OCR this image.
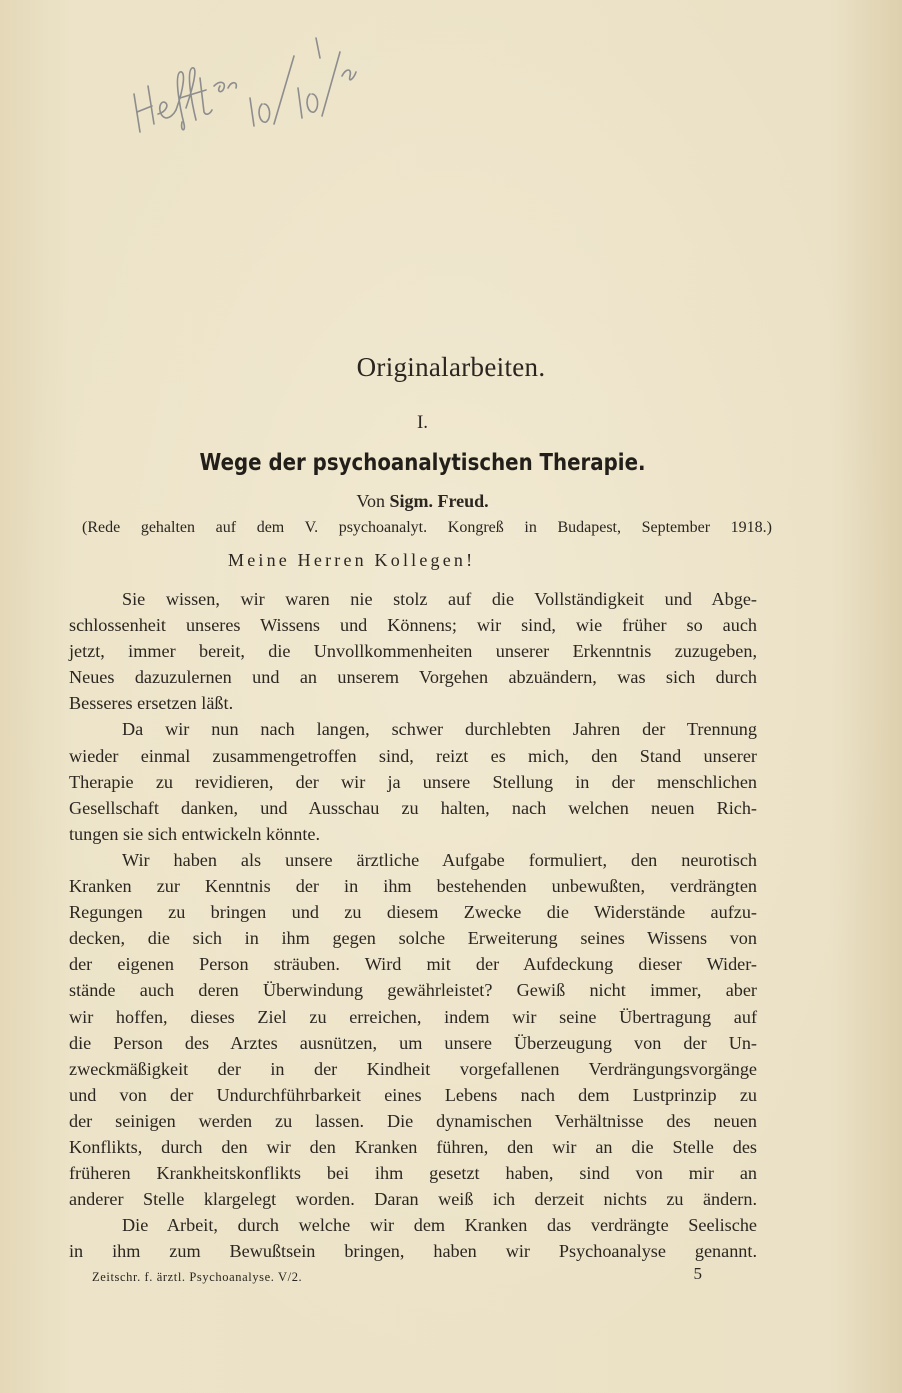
Originalarbeiten.
I.
Wege der psychoanalytischen Therapie.
Von Sigm. Freud.
(Rede gehalten auf dem V. psychoanalyt. Kongreß in Budapest, September 1918.)
Meine Herren Kollegen!
Sie wissen, wir waren nie stolz auf die Vollständigkeit und Abge-
schlossenheit unseres Wissens und Könnens; wir sind, wie früher so auch
jetzt, immer bereit, die Unvollkommenheiten unserer Erkenntnis zuzugeben,
Neues dazuzulernen und an unserem Vorgehen abzuändern, was sich durch
Besseres ersetzen läßt.
Da wir nun nach langen, schwer durchlebten Jahren der Trennung
wieder einmal zusammengetroffen sind, reizt es mich, den Stand unserer
Therapie zu revidieren, der wir ja unsere Stellung in der menschlichen
Gesellschaft danken, und Ausschau zu halten, nach welchen neuen Rich-
tungen sie sich entwickeln könnte.
Wir haben als unsere ärztliche Aufgabe formuliert, den neurotisch
Kranken zur Kenntnis der in ihm bestehenden unbewußten, verdrängten
Regungen zu bringen und zu diesem Zwecke die Widerstände aufzu-
decken, die sich in ihm gegen solche Erweiterung seines Wissens von
der eigenen Person sträuben. Wird mit der Aufdeckung dieser Wider-
stände auch deren Überwindung gewährleistet? Gewiß nicht immer, aber
wir hoffen, dieses Ziel zu erreichen, indem wir seine Übertragung auf
die Person des Arztes ausnützen, um unsere Überzeugung von der Un-
zweckmäßigkeit der in der Kindheit vorgefallenen Verdrängungsvorgänge
und von der Undurchführbarkeit eines Lebens nach dem Lustprinzip zu
der seinigen werden zu lassen. Die dynamischen Verhältnisse des neuen
Konflikts, durch den wir den Kranken führen, den wir an die Stelle des
früheren Krankheitskonflikts bei ihm gesetzt haben, sind von mir an
anderer Stelle klargelegt worden. Daran weiß ich derzeit nichts zu ändern.
Die Arbeit, durch welche wir dem Kranken das verdrängte Seelische
in ihm zum Bewußtsein bringen, haben wir Psychoanalyse genannt.
Zeitschr. f. ärztl. Psychoanalyse. V/2.	5
